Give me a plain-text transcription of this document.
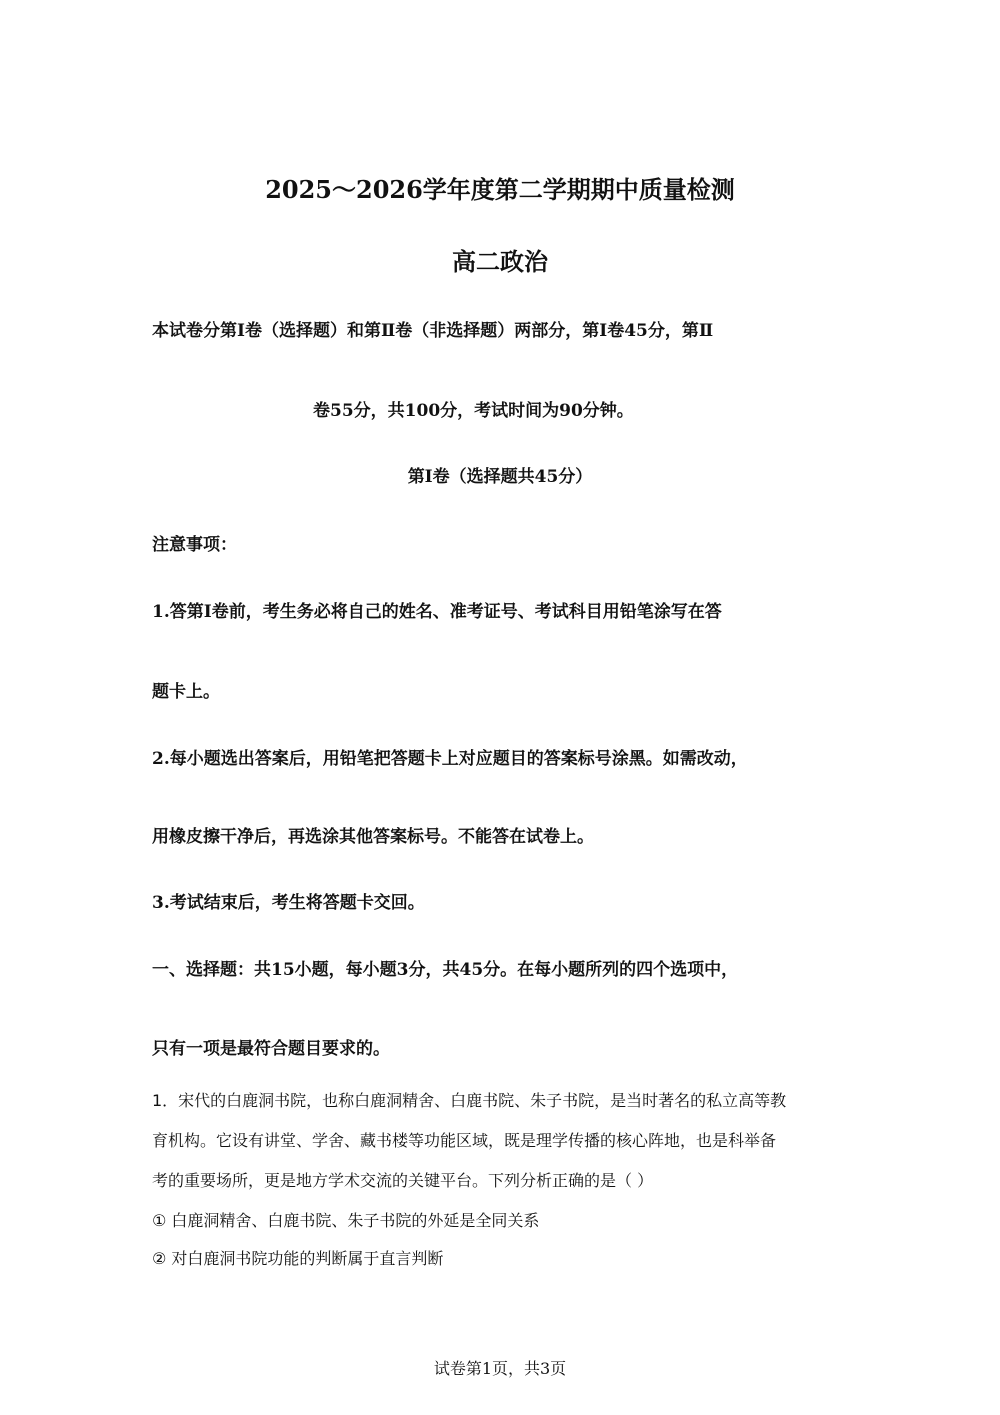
2025～2026学年度第二学期期中质量检测
高二政治

本试卷分第Ⅰ卷（选择题）和第Ⅱ卷（非选择题）两部分，第Ⅰ卷45分，第Ⅱ

卷55分，共100分，考试时间为90分钟。

第Ⅰ卷（选择题共45分）

注意事项：

1.答第Ⅰ卷前，考生务必将自己的姓名、准考证号、考试科目用铅笔涂写在答

题卡上。

2.每小题选出答案后，用铅笔把答题卡上对应题目的答案标号涂黑。如需改动，

用橡皮擦干净后，再选涂其他答案标号。不能答在试卷上。

3.考试结束后，考生将答题卡交回。

一、选择题：共15小题，每小题3分，共45分。在每小题所列的四个选项中，

只有一项是最符合题目要求的。

1．宋代的白鹿洞书院，也称白鹿洞精舍、白鹿书院、朱子书院，是当时著名的私立高等教

育机构。它设有讲堂、学舍、藏书楼等功能区域，既是理学传播的核心阵地，也是科举备

考的重要场所，更是地方学术交流的关键平台。下列分析正确的是（ ）

① 白鹿洞精舍、白鹿书院、朱子书院的外延是全同关系

② 对白鹿洞书院功能的判断属于直言判断

试卷第1页，共3页
